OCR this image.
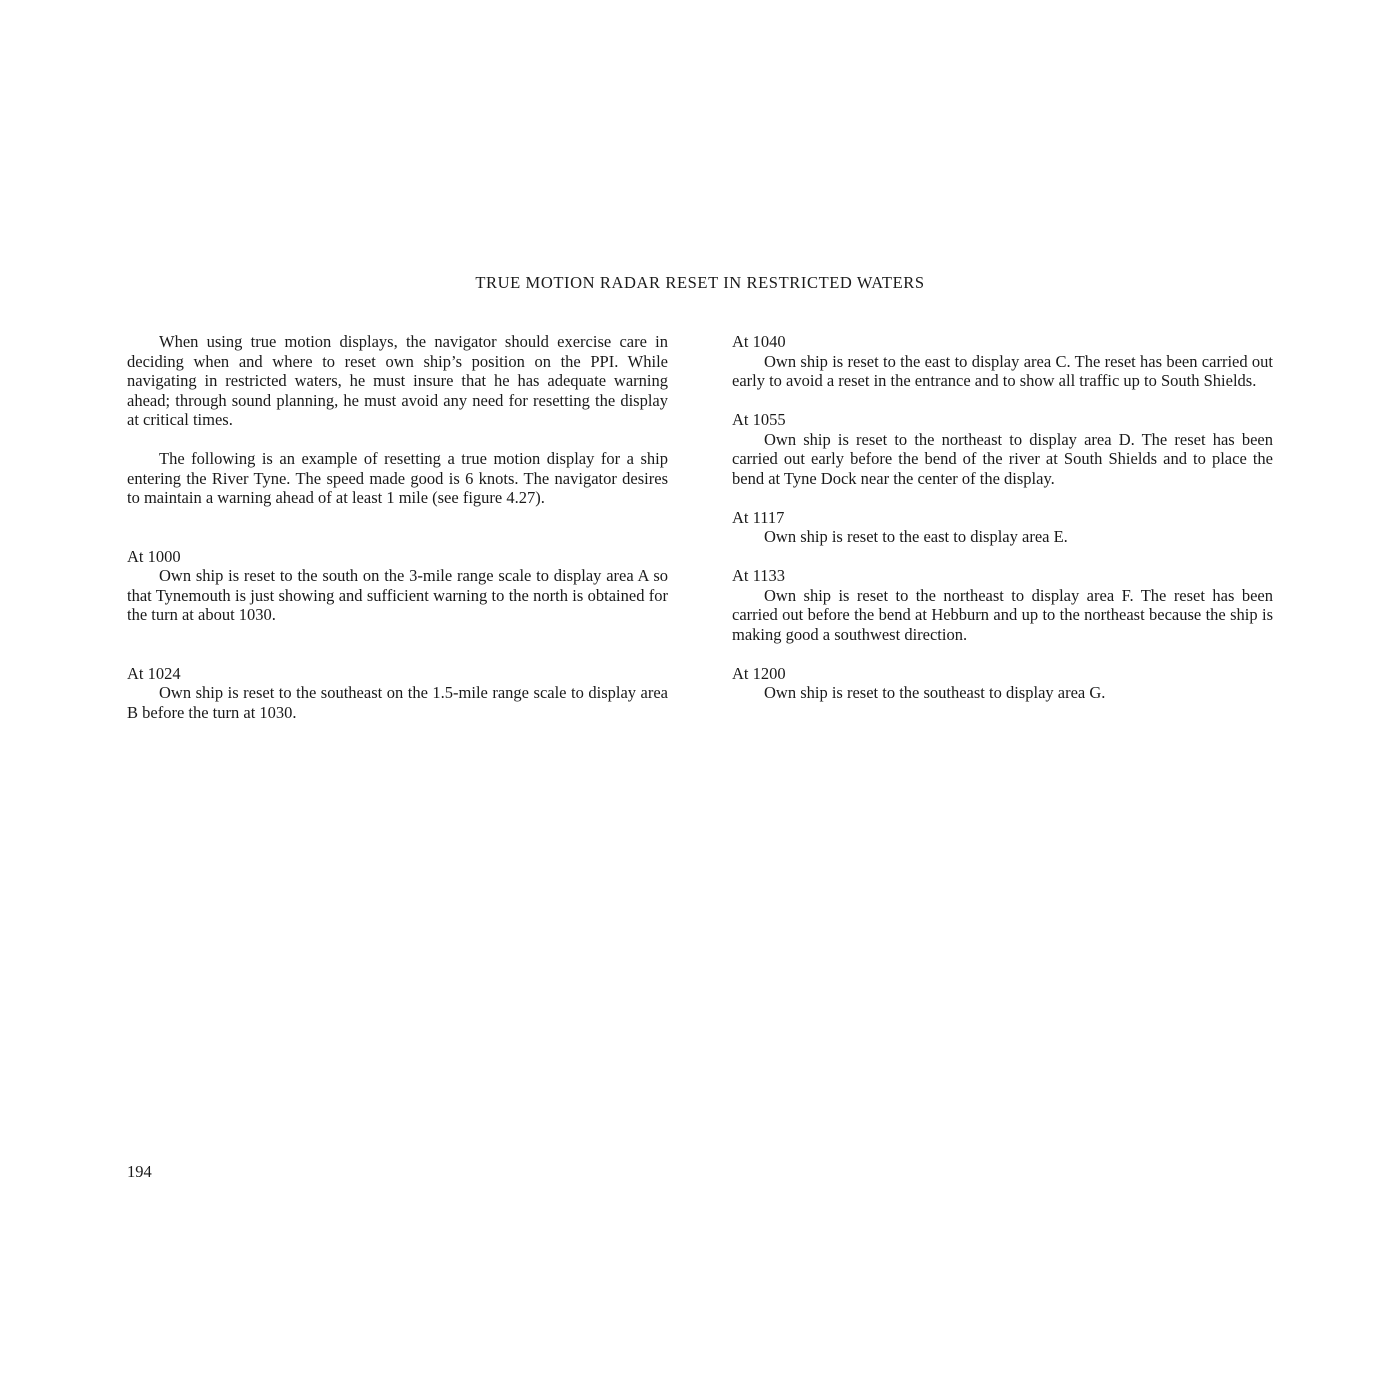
TRUE MOTION RADAR RESET IN RESTRICTED WATERS

When using true motion displays, the navigator should exercise care in deciding when and where to reset own ship’s position on the PPI. While navigating in restricted waters, he must insure that he has adequate warning ahead; through sound planning, he must avoid any need for resetting the display at critical times.

The following is an example of resetting a true motion display for a ship entering the River Tyne. The speed made good is 6 knots. The navigator desires to maintain a warning ahead of at least 1 mile (see figure 4.27).

At 1000

Own ship is reset to the south on the 3-mile range scale to display area A so that Tynemouth is just showing and sufficient warning to the north is obtained for the turn at about 1030.

At 1024

Own ship is reset to the southeast on the 1.5-mile range scale to display area B before the turn at 1030.

At 1040

Own ship is reset to the east to display area C. The reset has been carried out early to avoid a reset in the entrance and to show all traffic up to South Shields.

At 1055

Own ship is reset to the northeast to display area D. The reset has been carried out early before the bend of the river at South Shields and to place the bend at Tyne Dock near the center of the display.

At 1117

Own ship is reset to the east to display area E.

At 1133

Own ship is reset to the northeast to display area F. The reset has been carried out before the bend at Hebburn and up to the northeast because the ship is making good a southwest direction.

At 1200

Own ship is reset to the southeast to display area G.

194
